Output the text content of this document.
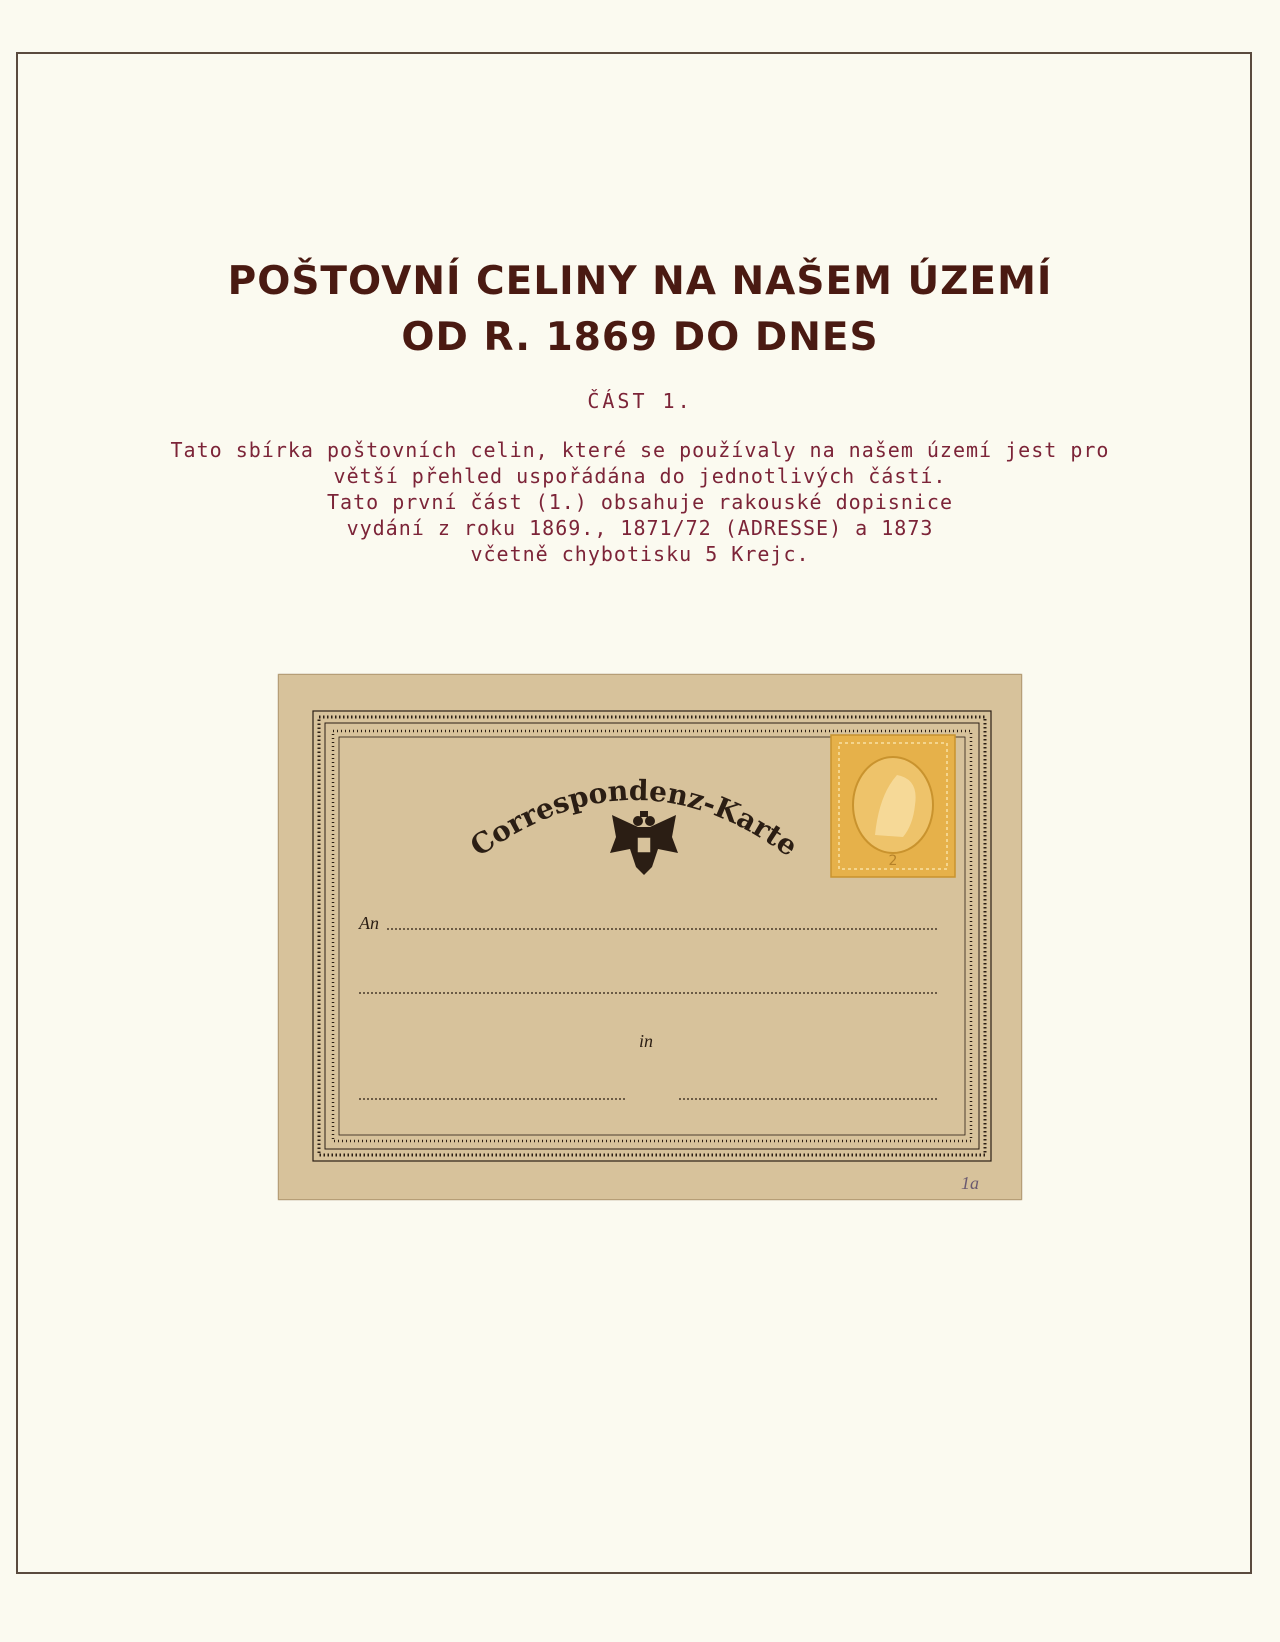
POŠTOVNÍ CELINY NA NAŠEM ÚZEMÍ
OD R. 1869 DO DNES
ČÁST 1.
Tato sbírka poštovních celin, které se používaly na našem území jest pro
větší přehled uspořádána do jednotlivých částí.
Tato první část (1.) obsahuje rakouské dopisnice
vydání z roku 1869., 1871/72 (ADRESSE) a 1873
včetně chybotisku 5 Krejc.
2
Correspondenz-Karte
An
in
1a
